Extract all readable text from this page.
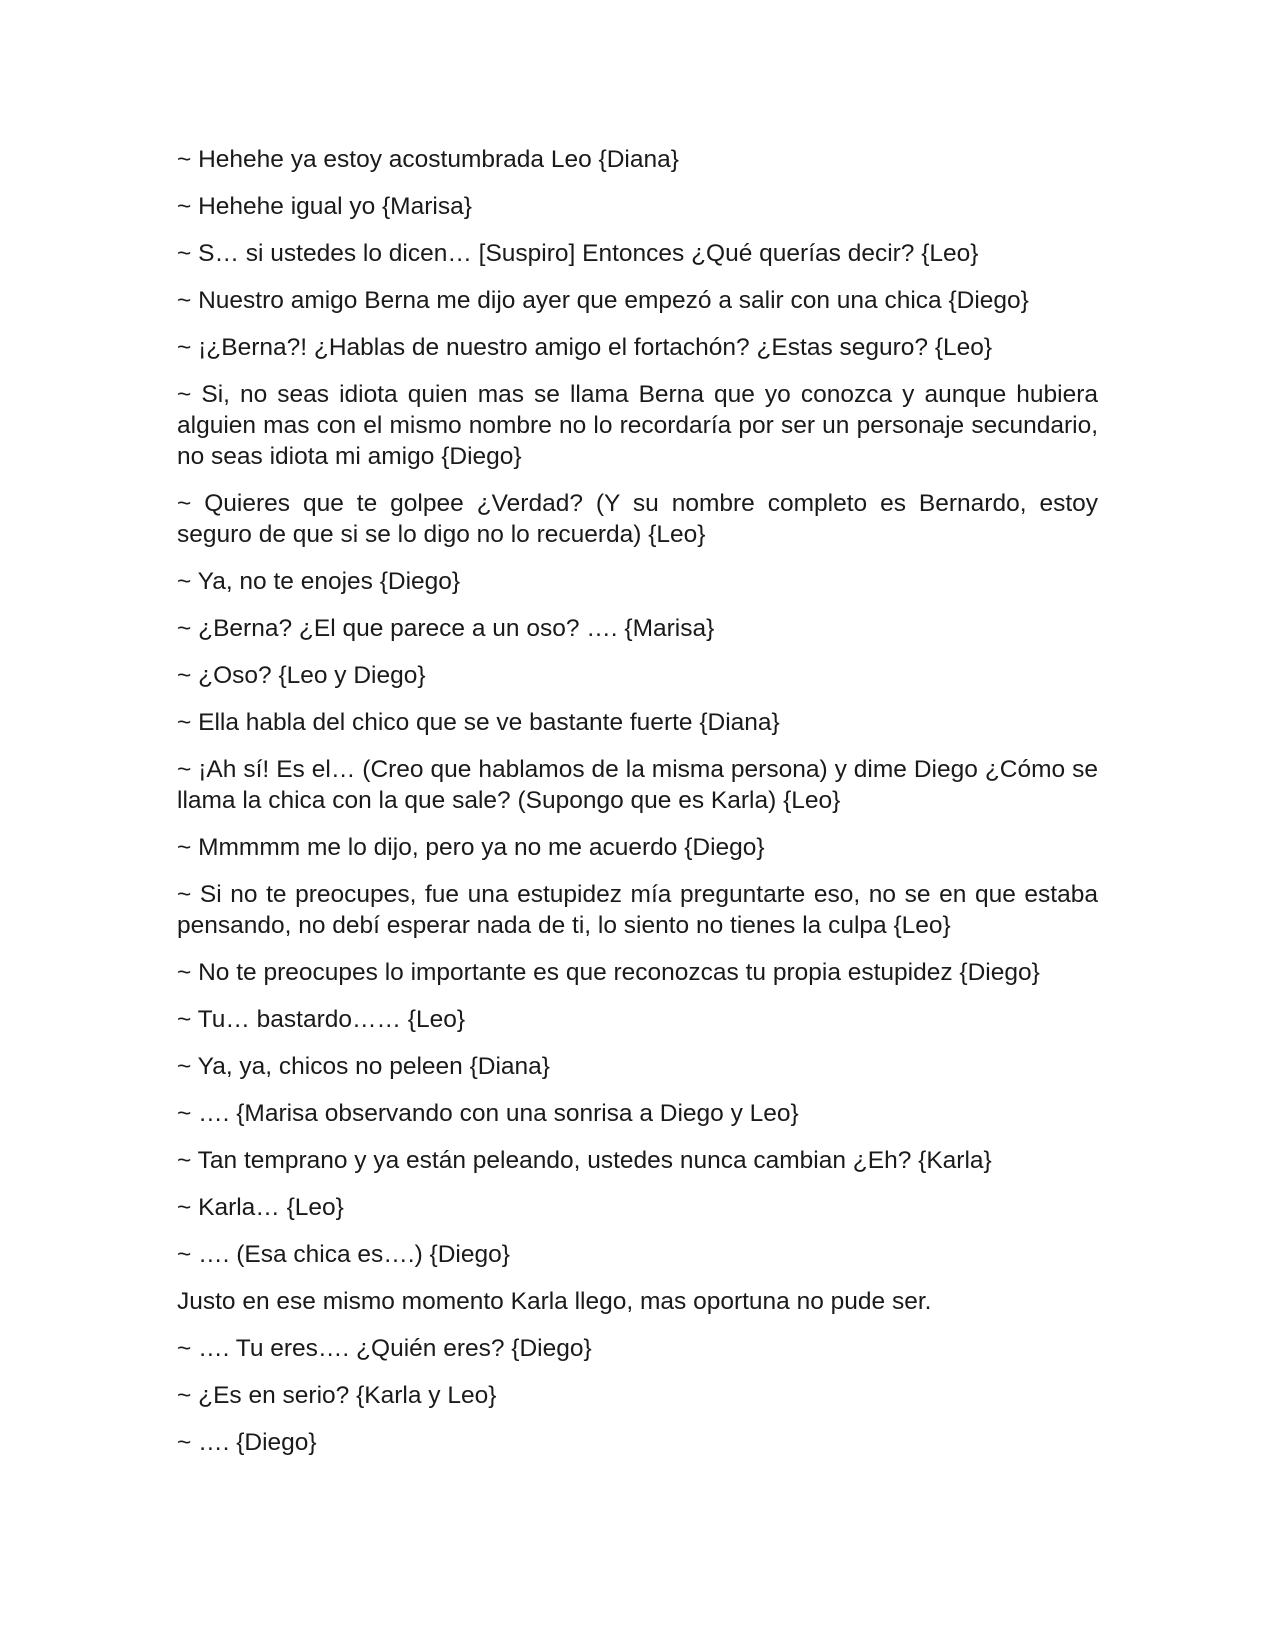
~ Hehehe ya estoy acostumbrada Leo {Diana}

~ Hehehe igual yo {Marisa}

~ S… si ustedes lo dicen… [Suspiro] Entonces ¿Qué querías decir? {Leo}

~ Nuestro amigo Berna me dijo ayer que empezó a salir con una chica {Diego}

~ ¡¿Berna?! ¿Hablas de nuestro amigo el fortachón? ¿Estas seguro? {Leo}

~ Si, no seas idiota quien mas se llama Berna que yo conozca y aunque hubiera alguien mas con el mismo nombre no lo recordaría por ser un personaje secundario, no seas idiota mi amigo {Diego}

~ Quieres que te golpee ¿Verdad? (Y su nombre completo es Bernardo, estoy seguro de que si se lo digo no lo recuerda) {Leo}

~ Ya, no te enojes {Diego}

~ ¿Berna? ¿El que parece a un oso? …. {Marisa}

~ ¿Oso? {Leo y Diego}

~ Ella habla del chico que se ve bastante fuerte {Diana}

~ ¡Ah sí! Es el… (Creo que hablamos de la misma persona) y dime Diego ¿Cómo se llama la chica con la que sale? (Supongo que es Karla) {Leo}

~ Mmmmm me lo dijo, pero ya no me acuerdo {Diego}

~ Si no te preocupes, fue una estupidez mía preguntarte eso, no se en que estaba pensando, no debí esperar nada de ti, lo siento no tienes la culpa {Leo}

~ No te preocupes lo importante es que reconozcas tu propia estupidez {Diego}

~ Tu… bastardo…… {Leo}

~ Ya, ya, chicos no peleen {Diana}

~ …. {Marisa observando con una sonrisa a Diego y Leo}

~ Tan temprano y ya están peleando, ustedes nunca cambian ¿Eh? {Karla}

~ Karla… {Leo}

~ …. (Esa chica es….) {Diego}

Justo en ese mismo momento Karla llego, mas oportuna no pude ser.

~ …. Tu eres…. ¿Quién eres? {Diego}

~ ¿Es en serio? {Karla y Leo}

~ …. {Diego}
